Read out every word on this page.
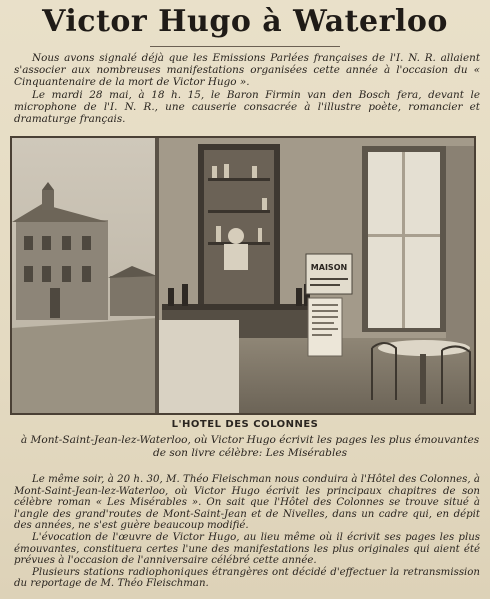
Victor Hugo à Waterloo

Nous avons signalé déjà que les Emissions Parlées françaises de l'I. N. R. allaient s'associer aux nombreuses manifestations organisées cette année à l'occasion du « Cinquantenaire de la mort de Victor Hugo ».

Le mardi 28 mai, à 18 h. 15, le Baron Firmin van den Bosch fera, devant le microphone de l'I. N. R., une causerie consacrée à l'illustre poète, romancier et dramaturge français.

MAISON
L'HOTEL DES COLONNES
à Mont-Saint-Jean-lez-Waterloo, où Victor Hugo écrivit les pages les plus émouvantes de son livre célèbre: Les Misérables

Le même soir, à 20 h. 30, M. Théo Fleischman nous conduira à l'Hôtel des Colonnes, à Mont-Saint-Jean-lez-Waterloo, où Victor Hugo écrivit les principaux chapitres de son célèbre roman « Les Misérables ». On sait que l'Hôtel des Colonnes se trouve situé à l'angle des grand'routes de Mont-Saint-Jean et de Nivelles, dans un cadre qui, en dépit des années, ne s'est guère beaucoup modifié.

L'évocation de l'œuvre de Victor Hugo, au lieu même où il écrivit ses pages les plus émouvantes, constituera certes l'une des manifestations les plus originales qui aient été prévues à l'occasion de l'anniversaire célébré cette année.

Plusieurs stations radiophoniques étrangères ont décidé d'effectuer la retransmission du reportage de M. Théo Fleischman.
